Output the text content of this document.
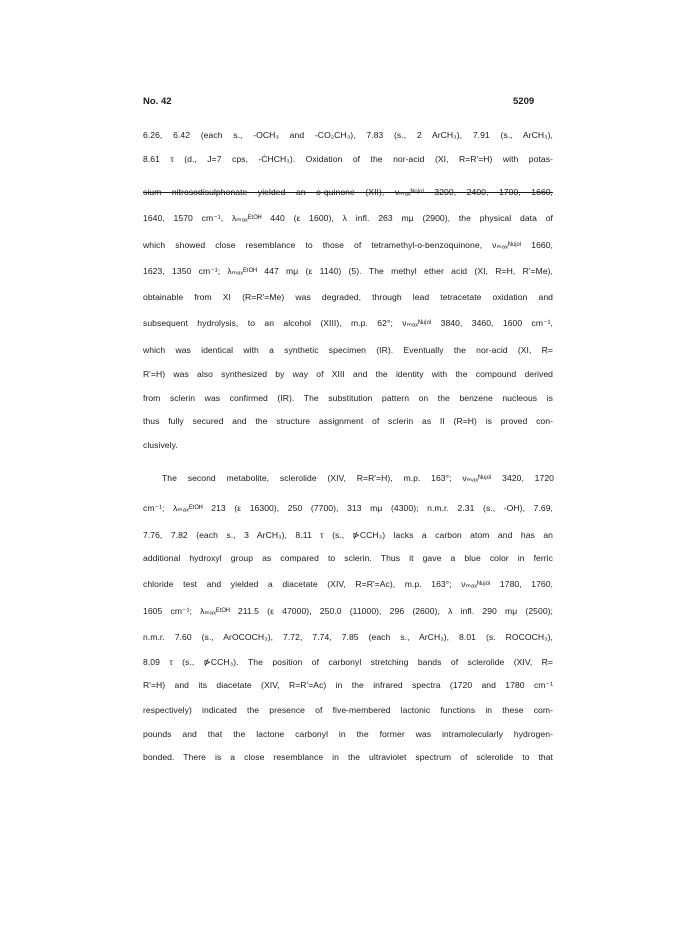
No. 42	5209
6.26, 6.42 (each s., -OCH₃ and -CO₂CH₃), 7.83 (s., 2 ArCH₃), 7.91 (s., ArCH₃),
8.61 τ (d., J=7 cps, -ĊHCH₃). Oxidation of the nor-acid (XI, R=R'=H) with potas-
sium nitrosodisulphonate yielded an o-quinone (XII), νₘₐₓᴺᵘʲᵒˡ 3200, 2400, 1700, 1660,
1640, 1570 cm⁻¹, λₘₐₓᴱᵗᴼᴴ 440 (ε 1600), λ infl. 263 mμ (2900), the physical data of
which showed close resemblance to those of tetramethyl-o-benzoquinone, νₘₐₓᴺᵘʲᵒˡ 1660,
1623, 1350 cm⁻¹; λₘₐₓᴱᵗᴼᴴ 447 mμ (ε 1140) (5). The methyl ether acid (XI, R=H, R'=Me),
obtainable from XI (R=R'=Me) was degraded, through lead tetracetate oxidation and
subsequent hydrolysis, to an alcohol (XIII), m.p. 62°; νₘₐₓᴺᵘʲᵒˡ 3840, 3460, 1600 cm⁻¹,
which was identical with a synthetic specimen (IR). Eventually the nor-acid (XI, R=
R'=H) was also synthesized by way of XIII and the identity with the compound derived
from sclerin was confirmed (IR). The substitution pattern on the benzene nucleous is
thus fully secured and the structure assignment of sclerin as II (R=H) is proved con-
clusively.
The second metabolite, sclerolide (XIV, R=R'=H), m.p. 163°; νₘₐₓᴺᵘʲᵒˡ 3420, 1720
cm⁻¹; λₘₐₓᴱᵗᴼᴴ 213 (ε 16300), 250 (7700), 313 mμ (4300); n.m.r. 2.31 (s., -OH), 7.69,
7.76, 7.82 (each s., 3 ArCH₃), 8.11 τ (s., ⋫CCH₃) lacks a carbon atom and has an
additional hydroxyl group as compared to sclerin. Thus it gave a blue color in ferric
chloride test and yielded a diacetate (XIV, R=R'=Ac), m.p. 163°; νₘₐₓᴺᵘʲᵒˡ 1780, 1760,
1605 cm⁻¹; λₘₐₓᴱᵗᴼᴴ 211.5 (ε 47000), 250.0 (11000), 296 (2600), λ infl. 290 mμ (2500);
n.m.r. 7.60 (s., ArOCOCH₃), 7.72, 7.74, 7.85 (each s., ArCH₃), 8.01 (s. ROCOCH₃),
8.09 τ (s., ⋫CCH₃). The position of carbonyl stretching bands of sclerolide (XIV, R=
R'=H) and its diacetate (XIV, R=R'=Ac) in the infrared spectra (1720 and 1780 cm⁻¹
respectively) indicated the presence of five-membered lactonic functions in these com-
pounds and that the lactone carbonyl in the former was intramolecularly hydrogen-
bonded. There is a close resemblance in the ultraviolet spectrum of sclerolide to that
